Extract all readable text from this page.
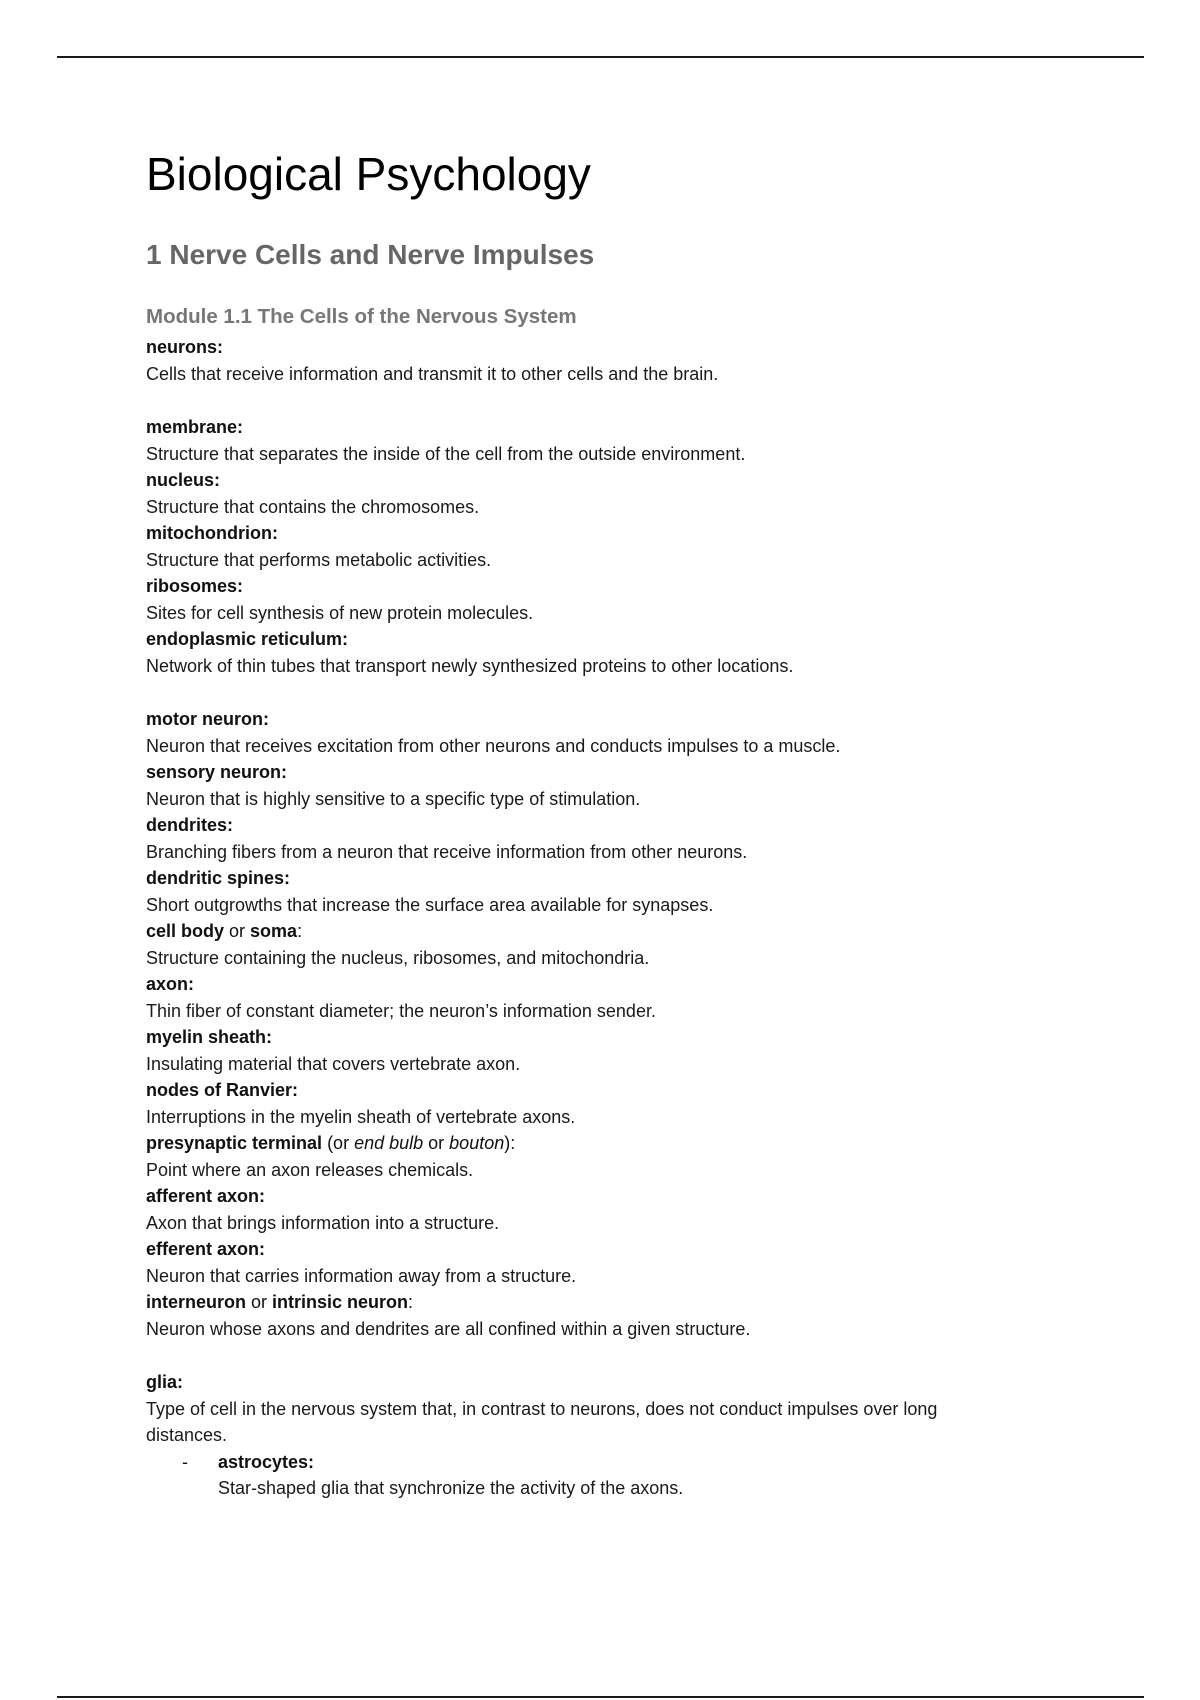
Biological Psychology
1 Nerve Cells and Nerve Impulses
Module 1.1 The Cells of the Nervous System

neurons:

Cells that receive information and transmit it to other cells and the brain.

membrane:

Structure that separates the inside of the cell from the outside environment.

nucleus:

Structure that contains the chromosomes.

mitochondrion:

Structure that performs metabolic activities.

ribosomes:

Sites for cell synthesis of new protein molecules.

endoplasmic reticulum:

Network of thin tubes that transport newly synthesized proteins to other locations.

motor neuron:

Neuron that receives excitation from other neurons and conducts impulses to a muscle.

sensory neuron:

Neuron that is highly sensitive to a specific type of stimulation.

dendrites:

Branching fibers from a neuron that receive information from other neurons.

dendritic spines:

Short outgrowths that increase the surface area available for synapses.

cell body or soma:

Structure containing the nucleus, ribosomes, and mitochondria.

axon:

Thin fiber of constant diameter; the neuron’s information sender.

myelin sheath:

Insulating material that covers vertebrate axon.

nodes of Ranvier:

Interruptions in the myelin sheath of vertebrate axons.

presynaptic terminal (or end bulb or bouton):

Point where an axon releases chemicals.

afferent axon:

Axon that brings information into a structure.

efferent axon:

Neuron that carries information away from a structure.

interneuron or intrinsic neuron:

Neuron whose axons and dendrites are all confined within a given structure.

glia:

Type of cell in the nervous system that, in contrast to neurons, does not conduct impulses over long

distances.

- astrocytes:

Star-shaped glia that synchronize the activity of the axons.
